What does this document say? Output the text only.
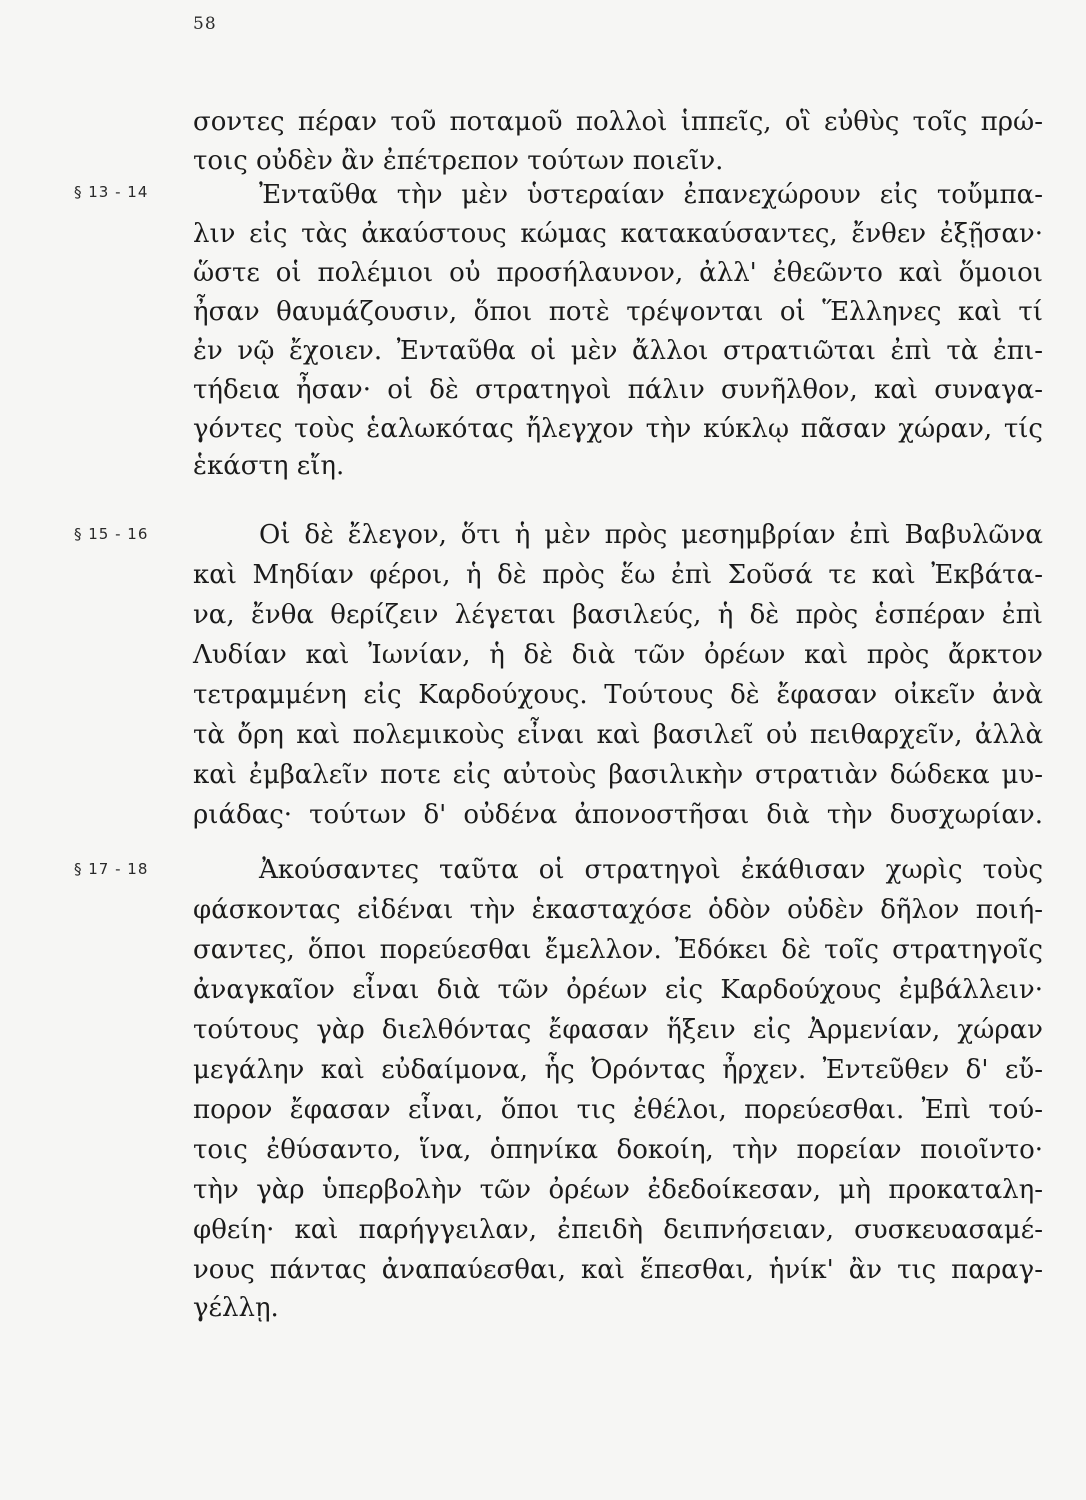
58
§ 13 - 14
§ 15 - 16
§ 17 - 18
σοντες πέραν τοῦ ποταμοῦ πολλοὶ ἱππεῖς, οἳ εὐθὺς τοῖς πρώ-
τοις οὐδὲν ἂν ἐπέτρεπον τούτων ποιεῖν.
Ἐνταῦθα τὴν μὲν ὑστεραίαν ἐπανεχώρουν εἰς τοὔμπα-
λιν εἰς τὰς ἀκαύστους κώμας κατακαύσαντες, ἔνθεν ἐξῇσαν·
ὥστε οἱ πολέμιοι οὐ προσήλαυνον, ἀλλ' ἐθεῶντο καὶ ὅμοιοι
ἦσαν θαυμάζουσιν, ὅποι ποτὲ τρέψονται οἱ Ἕλληνες καὶ τί
ἐν νῷ ἔχοιεν. Ἐνταῦθα οἱ μὲν ἄλλοι στρατιῶται ἐπὶ τὰ ἐπι-
τήδεια ἦσαν· οἱ δὲ στρατηγοὶ πάλιν συνῆλθον, καὶ συναγα-
γόντες τοὺς ἑαλωκότας ἤλεγχον τὴν κύκλῳ πᾶσαν χώραν, τίς
ἑκάστη εἴη.
Οἱ δὲ ἔλεγον, ὅτι ἡ μὲν πρὸς μεσημβρίαν ἐπὶ Βαβυλῶνα
καὶ Μηδίαν φέροι, ἡ δὲ πρὸς ἕω ἐπὶ Σοῦσά τε καὶ Ἐκβάτα-
να, ἔνθα θερίζειν λέγεται βασιλεύς, ἡ δὲ πρὸς ἑσπέραν ἐπὶ
Λυδίαν καὶ Ἰωνίαν, ἡ δὲ διὰ τῶν ὀρέων καὶ πρὸς ἄρκτον
τετραμμένη εἰς Καρδούχους. Τούτους δὲ ἔφασαν οἰκεῖν ἀνὰ
τὰ ὄρη καὶ πολεμικοὺς εἶναι καὶ βασιλεῖ οὐ πειθαρχεῖν, ἀλλὰ
καὶ ἐμβαλεῖν ποτε εἰς αὐτοὺς βασιλικὴν στρατιὰν δώδεκα μυ-
ριάδας· τούτων δ' οὐδένα ἀπονοστῆσαι διὰ τὴν δυσχωρίαν.
Ἀκούσαντες ταῦτα οἱ στρατηγοὶ ἐκάθισαν χωρὶς τοὺς
φάσκοντας εἰδέναι τὴν ἑκασταχόσε ὁδὸν οὐδὲν δῆλον ποιή-
σαντες, ὅποι πορεύεσθαι ἔμελλον. Ἐδόκει δὲ τοῖς στρατηγοῖς
ἀναγκαῖον εἶναι διὰ τῶν ὀρέων εἰς Καρδούχους ἐμβάλλειν·
τούτους γὰρ διελθόντας ἔφασαν ἥξειν εἰς Ἀρμενίαν, χώραν
μεγάλην καὶ εὐδαίμονα, ἧς Ὀρόντας ἦρχεν. Ἐντεῦθεν δ' εὔ-
πορον ἔφασαν εἶναι, ὅποι τις ἐθέλοι, πορεύεσθαι. Ἐπὶ τού-
τοις ἐθύσαντο, ἵνα, ὁπηνίκα δοκοίη, τὴν πορείαν ποιοῖντο·
τὴν γὰρ ὑπερβολὴν τῶν ὀρέων ἐδεδοίκεσαν, μὴ προκαταλη-
φθείη· καὶ παρήγγειλαν, ἐπειδὴ δειπνήσειαν, συσκευασαμέ-
νους πάντας ἀναπαύεσθαι, καὶ ἕπεσθαι, ἡνίκ' ἂν τις παραγ-
γέλλῃ.
